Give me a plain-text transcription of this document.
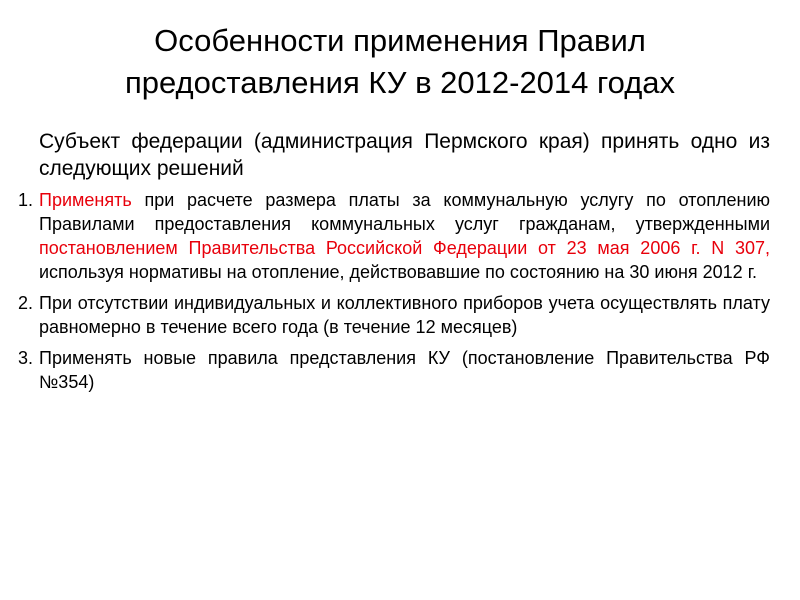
Особенности применения Правил
предоставления КУ в 2012-2014 годах

Субъект федерации (администрация Пермского края) принять одно из следующих решений

1. Применять при расчете размера платы за коммунальную услугу по отоплению Правилами предоставления коммунальных услуг гражданам, утвержденными постановлением Правительства Российской Федерации от 23 мая 2006 г. N 307, используя нормативы на отопление, действовавшие по состоянию на 30 июня 2012 г.
2. При отсутствии индивидуальных и коллективного приборов учета осуществлять плату равномерно в течение всего года (в течение 12 месяцев)
3. Применять новые правила представления КУ (постановление Правительства РФ №354)
